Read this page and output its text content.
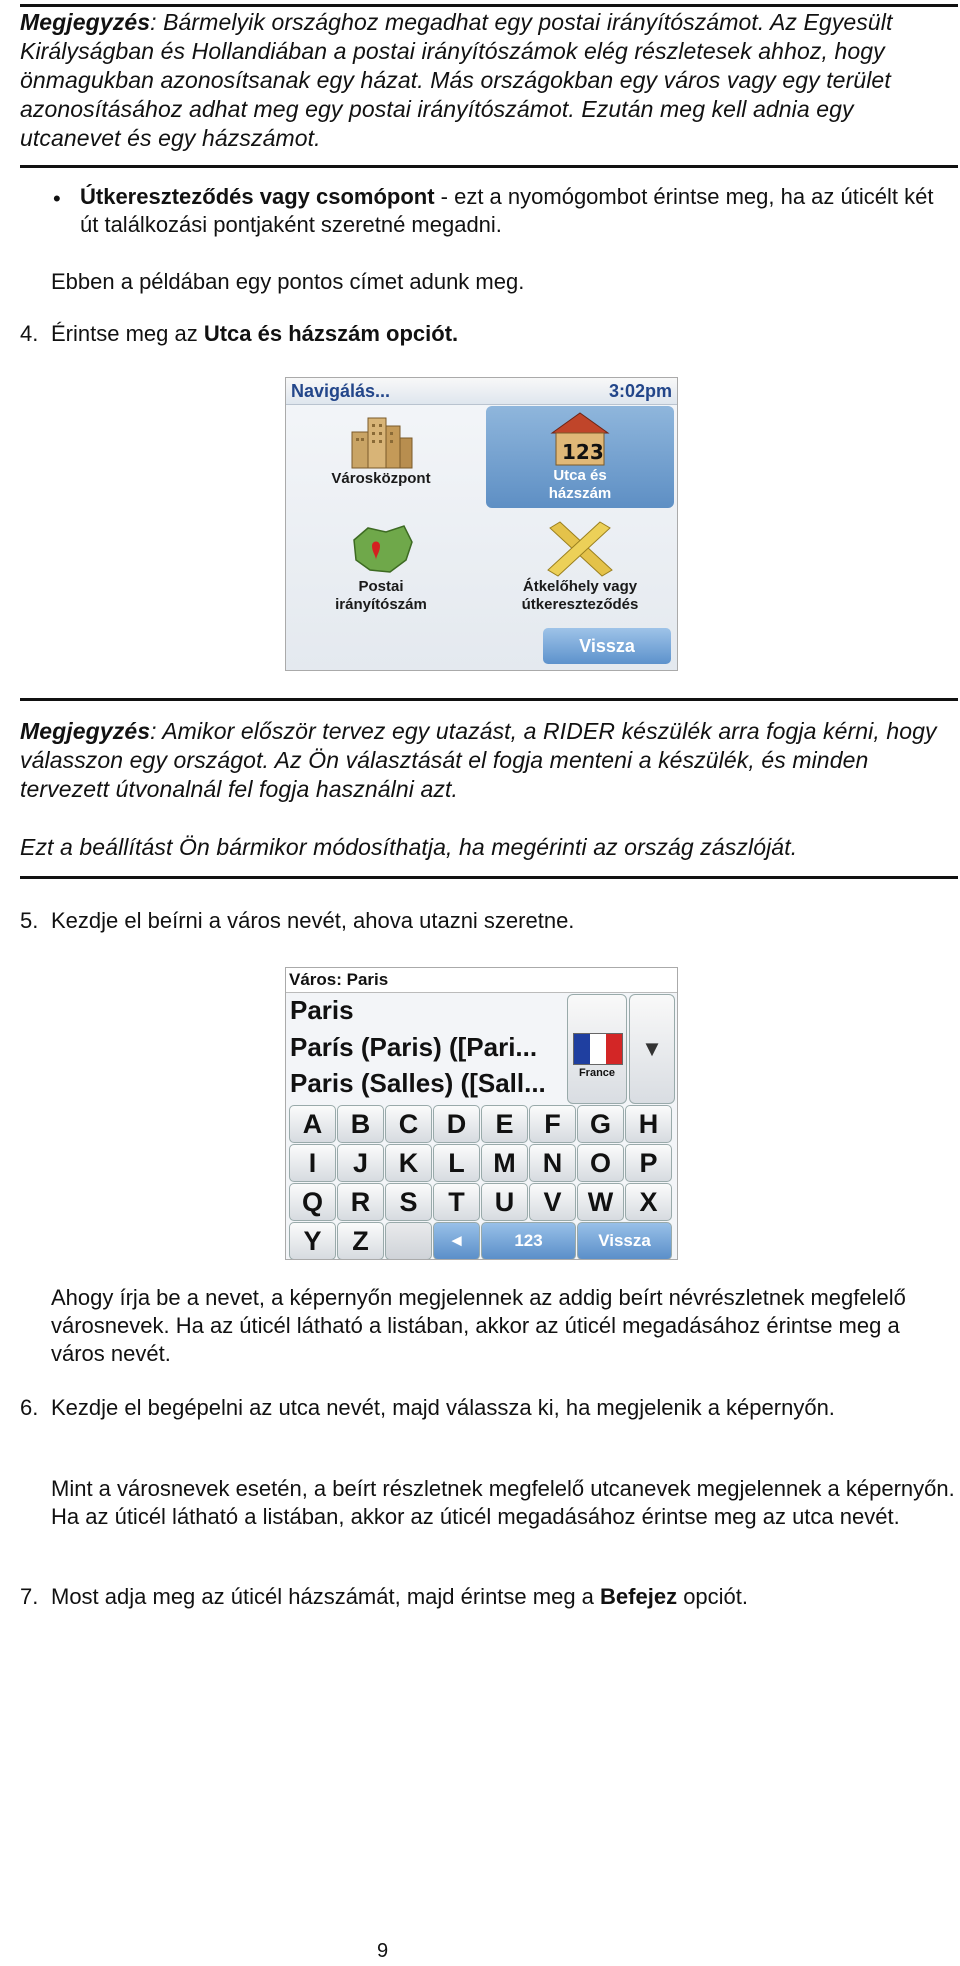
Megjegyzés: Bármelyik országhoz megadhat egy postai irányítószámot. Az Egyesült Királyságban és Hollandiában a postai irányítószámok elég részletesek ahhoz, hogy önmagukban azonosítsanak egy házat. Más országokban egy város vagy egy terület azonosításához adhat meg egy postai irányítószámot. Ezután meg kell adnia egy utcanevet és egy házszámot.
• Útkereszteződés vagy csomópont - ezt a nyomógombot érintse meg, ha az úticélt két út találkozási pontjaként szeretné megadni.
Ebben a példában egy pontos címet adunk meg.
4. Érintse meg az Utca és házszám opciót.
Navigálás...	3:02pm
Városközpont
123
Utca és
házszám
Postai
irányítószám
Átkelőhely vagy
útkereszteződés
Vissza
Megjegyzés: Amikor először tervez egy utazást, a RIDER készülék arra fogja kérni, hogy válasszon egy országot. Az Ön választását el fogja menteni a készülék, és minden tervezett útvonalnál fel fogja használni azt.
Ezt a beállítást Ön bármikor módosíthatja, ha megérinti az ország zászlóját.
5. Kezdje el beírni a város nevét, ahova utazni szeretne.
Város: Paris
Paris
París (Paris) ([Pari...
Paris (Salles) ([Sall...	France
▼
A	B	C	D	E	F	G	H
I	J	K	L	M	N	O	P
Q	R	S	T	U	V W X
Y	Z	◄	123	Vissza
Ahogy írja be a nevet, a képernyőn megjelennek az addig beírt névrészletnek megfelelő városnevek. Ha az úticél látható a listában, akkor az úticél megadásához érintse meg a város nevét.
6. Kezdje el begépelni az utca nevét, majd válassza ki, ha megjelenik a képernyőn.
Mint a városnevek esetén, a beírt részletnek megfelelő utcanevek megjelennek a képernyőn. Ha az úticél látható a listában, akkor az úticél megadásához érintse meg az utca nevét.
7. Most adja meg az úticél házszámát, majd érintse meg a Befejez opciót.
9
